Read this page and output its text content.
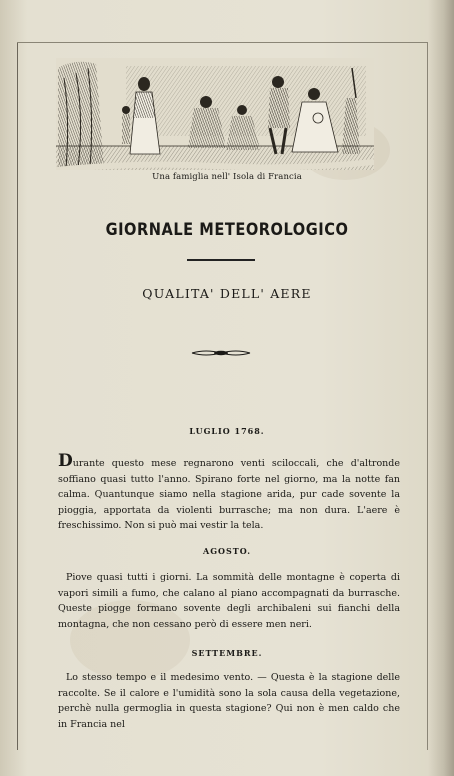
Una famiglia nell' Isola di Francia
GIORNALE METEOROLOGICO
QUALITA' DELL' AERE
LUGLIO 1768.

Durante questo mese regnarono venti sciloccali, che d'altronde soffiano quasi tutto l'anno. Spirano forte nel giorno, ma la notte fan calma. Quantunque siamo nella stagione arida, pur cade sovente la pioggia, apportata da violenti burrasche; ma non dura. L'aere è freschissimo. Non si può mai vestir la tela.

AGOSTO.

Piove quasi tutti i giorni. La sommità delle montagne è coperta di vapori simili a fumo, che calano al piano accompagnati da burrasche. Queste piogge formano sovente degli archibaleni sui fianchi della montagna, che non cessano però di essere men neri.

SETTEMBRE.

Lo stesso tempo e il medesimo vento. — Questa è la stagione delle raccolte. Se il calore e l'umidità sono la sola causa della vegetazione, perchè nulla germoglia in questa stagione? Qui non è men caldo che in Francia nel
